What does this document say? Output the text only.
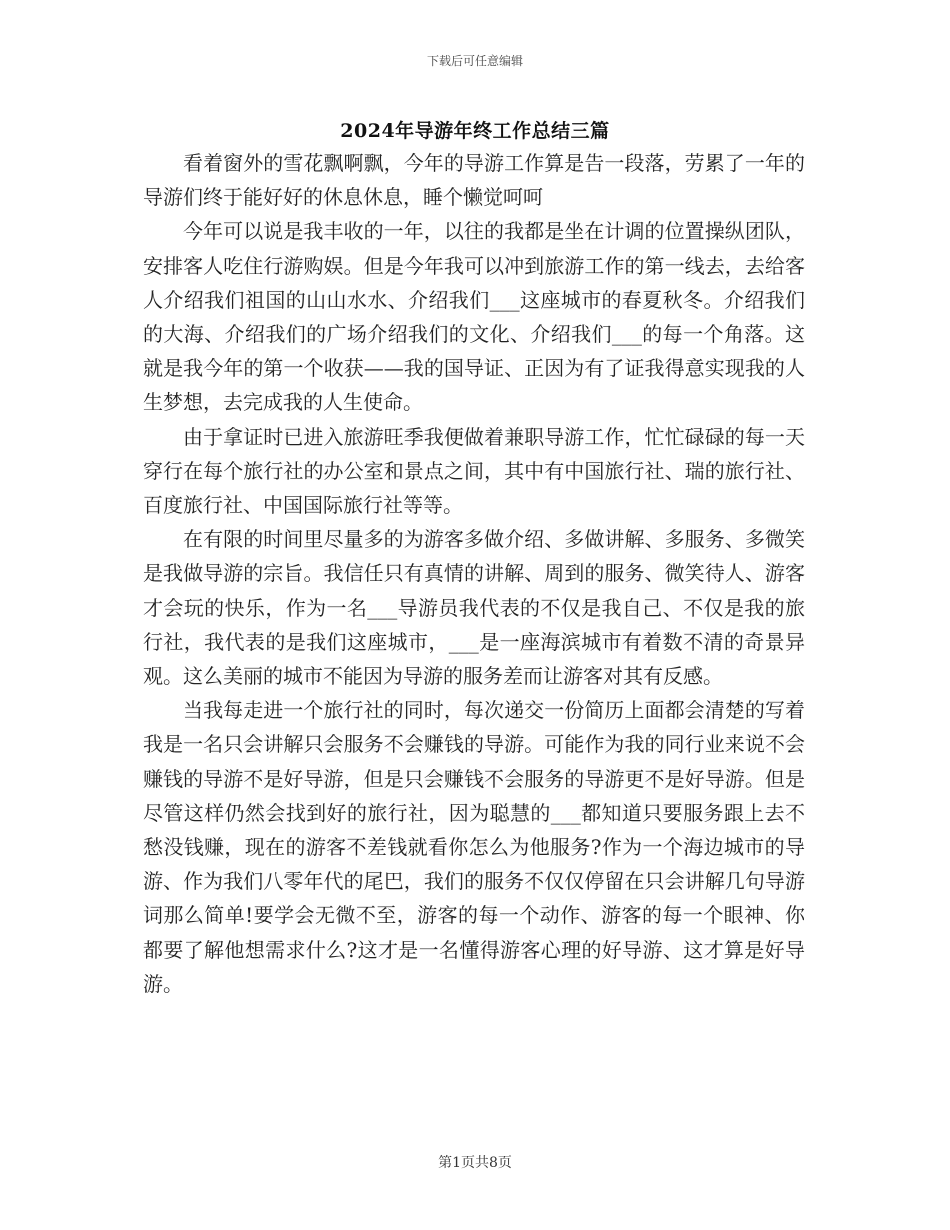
下载后可任意编辑
2024年导游年终工作总结三篇

看着窗外的雪花飘啊飘，今年的导游工作算是告一段落，劳累了一年的导游们终于能好好的休息休息，睡个懒觉呵呵

今年可以说是我丰收的一年，以往的我都是坐在计调的位置操纵团队，安排客人吃住行游购娱。但是今年我可以冲到旅游工作的第一线去，去给客人介绍我们祖国的山山水水、介绍我们___这座城市的春夏秋冬。介绍我们的大海、介绍我们的广场介绍我们的文化、介绍我们___的每一个角落。这就是我今年的第一个收获——我的国导证、正因为有了证我得意实现我的人生梦想，去完成我的人生使命。

由于拿证时已进入旅游旺季我便做着兼职导游工作，忙忙碌碌的每一天穿行在每个旅行社的办公室和景点之间，其中有中国旅行社、瑞的旅行社、百度旅行社、中国国际旅行社等等。

在有限的时间里尽量多的为游客多做介绍、多做讲解、多服务、多微笑是我做导游的宗旨。我信任只有真情的讲解、周到的服务、微笑待人、游客才会玩的快乐，作为一名___导游员我代表的不仅是我自己、不仅是我的旅行社，我代表的是我们这座城市，___是一座海滨城市有着数不清的奇景异观。这么美丽的城市不能因为导游的服务差而让游客对其有反感。

当我每走进一个旅行社的同时，每次递交一份简历上面都会清楚的写着我是一名只会讲解只会服务不会赚钱的导游。可能作为我的同行业来说不会赚钱的导游不是好导游，但是只会赚钱不会服务的导游更不是好导游。但是尽管这样仍然会找到好的旅行社，因为聪慧的___都知道只要服务跟上去不愁没钱赚，现在的游客不差钱就看你怎么为他服务?作为一个海边城市的导游、作为我们八零年代的尾巴，我们的服务不仅仅停留在只会讲解几句导游词那么简单!要学会无微不至，游客的每一个动作、游客的每一个眼神、你都要了解他想需求什么?这才是一名懂得游客心理的好导游、这才算是好导游。

第1页共8页
